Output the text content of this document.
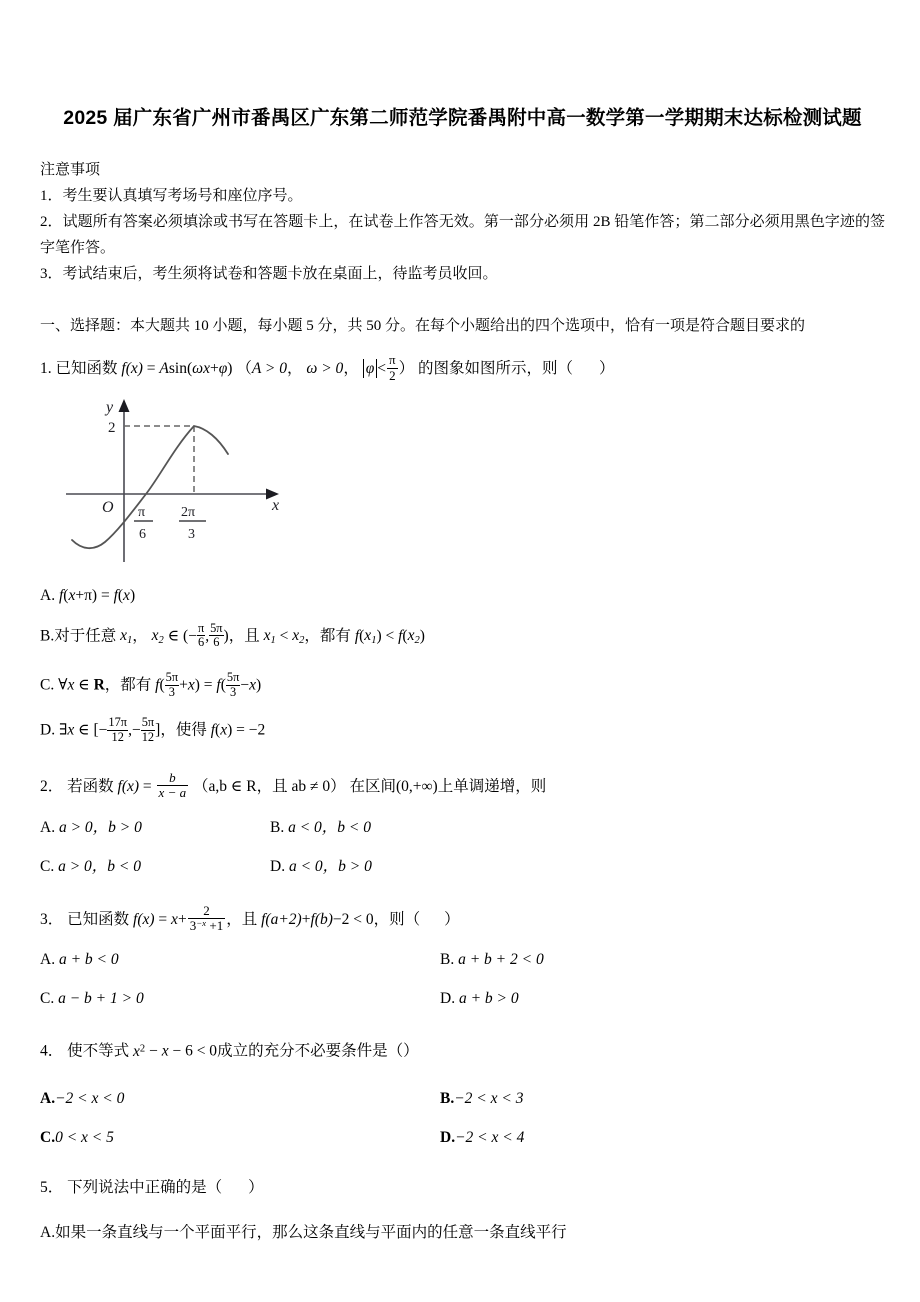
2025 届广东省广州市番禺区广东第二师范学院番禺附中高一数学第一学期期末达标检测试题
注意事项
1．考生要认真填写考场号和座位序号。
2．试题所有答案必须填涂或书写在答题卡上，在试卷上作答无效。第一部分必须用 2B 铅笔作答；第二部分必须用黑色字迹的签字笔作答。
3．考试结束后，考生须将试卷和答题卡放在桌面上，待监考员收回。
一、选择题：本大题共 10 小题，每小题 5 分，共 50 分。在每个小题给出的四个选项中，恰有一项是符合题目要求的
1. 已知函数 f(x) = Asin(ωx+φ) （A > 0， ω > 0， $\varphi < \frac{\pi}{2}$ ） 的图象如图所示，则（ ）
y
x
O
2
π
6
2π
3
A. f(x+π) = f(x)
B.对于任意 $x_1$， $x_2$ ∈ (− $\frac{\pi}{6}$ , $\frac{5\pi}{6}$ )，且 $x_1 < x_2$，都有 $f(x_1) < f(x_2)$
C. ∀x ∈ R，都有 $f( \frac{5\pi}{3} +x) = f( \frac{5\pi}{3} -x)$
D. ∃x ∈ [− $\frac{17\pi}{12}$ ,− $\frac{5\pi}{12}$ ]，使得 f(x) = −2
2． 若函数 $f(x) = \frac{b}{x - a} (a,b$ ∈ R，且 ab ≠ 0） 在区间(0,+∞)上单调递增，则
A. a > 0，b > 0	B. a < 0，b < 0
C. a > 0，b < 0	D. a < 0，b > 0
3． 已知函数 $f(x) = x+ \frac{2}{3^{-x} +1}$ ，且 f(a+2)+f(b)−2 < 0，则（ ）
A. a + b < 0	B. a + b + 2 < 0
C. a − b + 1 > 0	D. a + b > 0
4． 使不等式 $x^2 - x - 6 < 0$成立的充分不必要条件是（）
A.−2 < x < 0	B.−2 < x < 3
C.0 < x < 5	D.−2 < x < 4
5． 下列说法中正确的是（ ）
A.如果一条直线与一个平面平行，那么这条直线与平面内的任意一条直线平行
